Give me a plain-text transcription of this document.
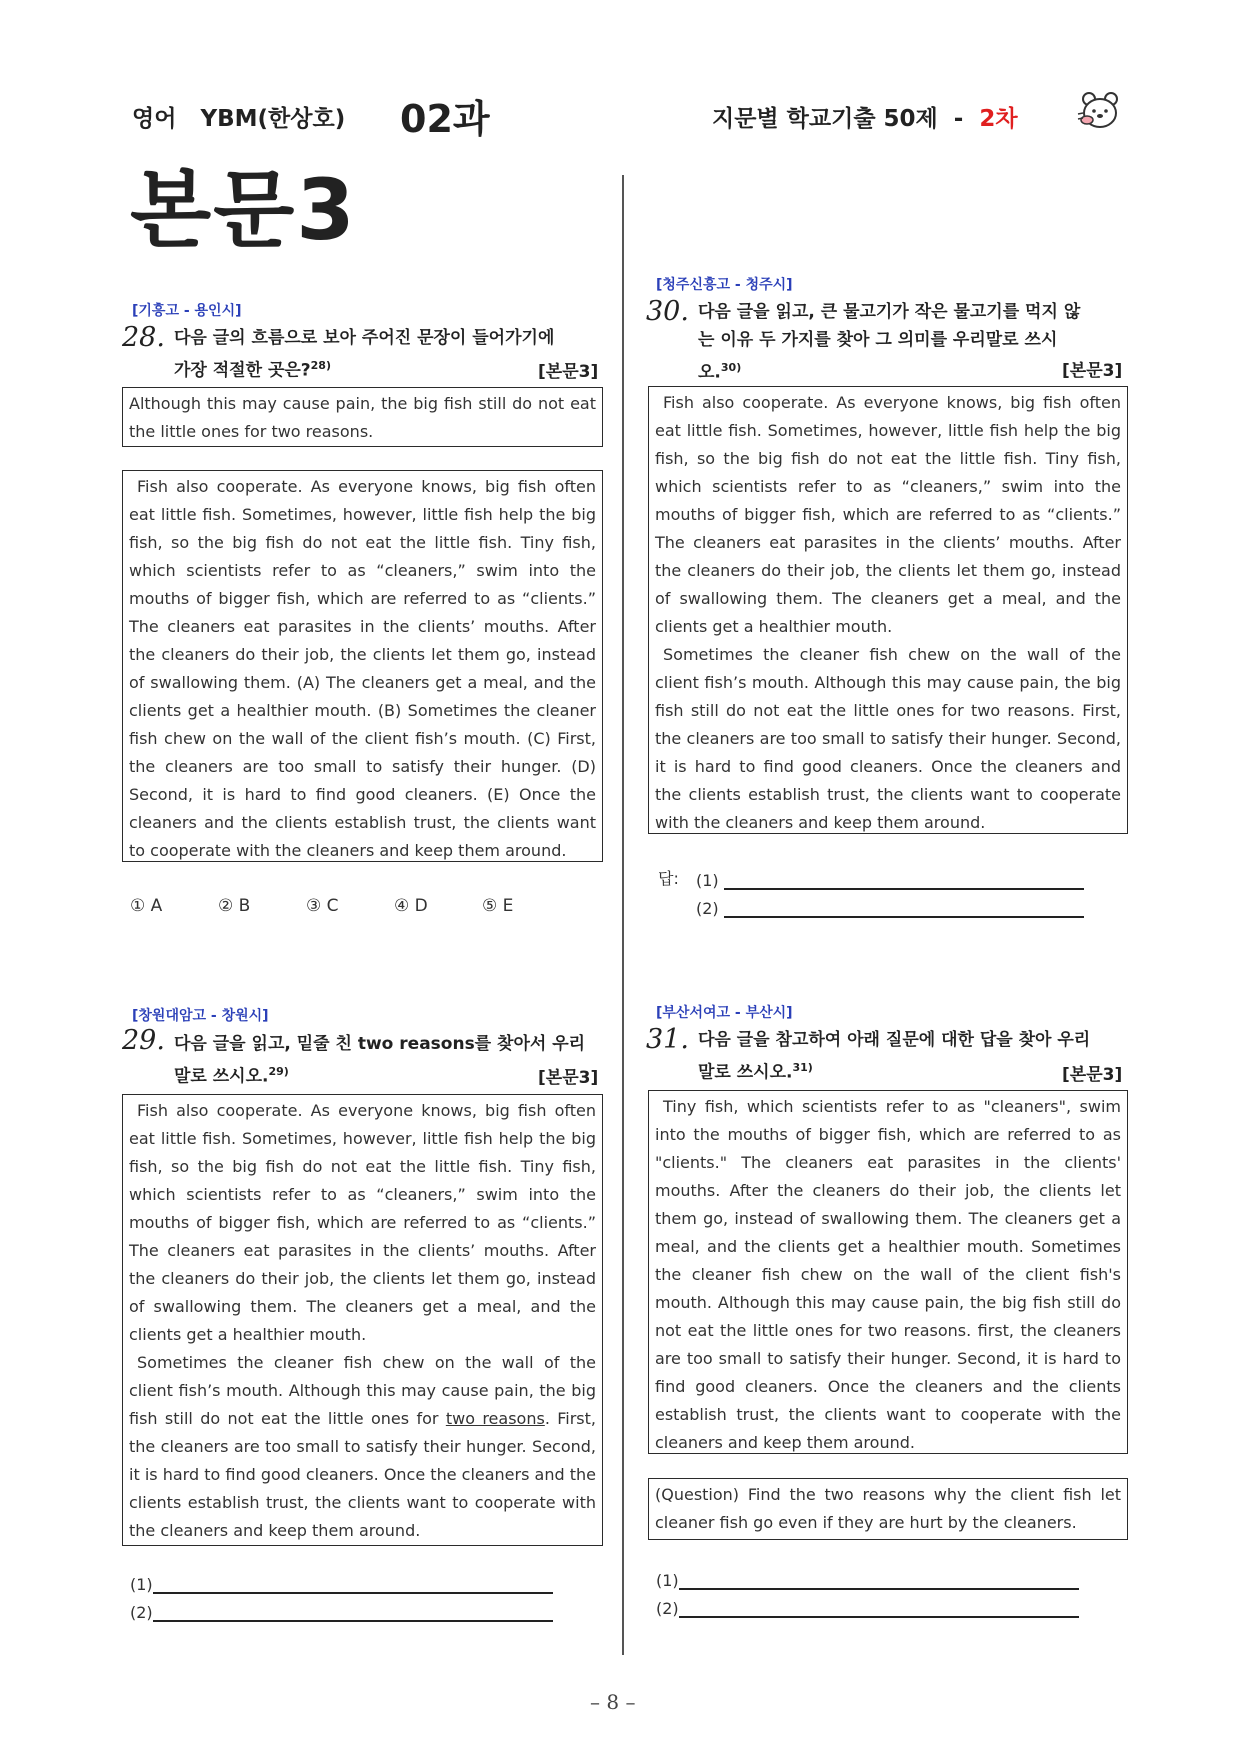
영어   YBM(한상호) 02과	지문별 학교기출 50제  -  2차
본문3
[기흥고 - 용인시]
28. 다음 글의 흐름으로 보아 주어진 문장이 들어가기에
가장 적절한 곳은?$^{28)}$	[본문3]

Although this may cause pain, the big fish still do not eat the little ones for two reasons.

Fish also cooperate. As everyone knows, big fish often eat little fish. Sometimes, however, little fish help the big fish, so the big fish do not eat the little fish. Tiny fish, which scientists refer to as “cleaners,” swim into the mouths of bigger fish, which are referred to as “clients.” The cleaners eat parasites in the clients’ mouths. After the cleaners do their job, the clients let them go, instead of swallowing them. (A) The cleaners get a meal, and the clients get a healthier mouth. (B) Sometimes the cleaner fish chew on the wall of the client fish’s mouth. (C) First, the cleaners are too small to satisfy their hunger. (D) Second, it is hard to find good cleaners. (E) Once the cleaners and the clients establish trust, the clients want to cooperate with the cleaners and keep them around.

① A	② B	③ C	④ D	⑤ E
[창원대암고 - 창원시]
29. 다음 글을 읽고, 밑줄 친 two reasons를 찾아서 우리
말로 쓰시오.$^{29)}$	[본문3]

Fish also cooperate. As everyone knows, big fish often eat little fish. Sometimes, however, little fish help the big fish, so the big fish do not eat the little fish. Tiny fish, which scientists refer to as “cleaners,” swim into the mouths of bigger fish, which are referred to as “clients.” The cleaners eat parasites in the clients’ mouths. After the cleaners do their job, the clients let them go, instead of swallowing them. The cleaners get a meal, and the clients get a healthier mouth.

Sometimes the cleaner fish chew on the wall of the client fish’s mouth. Although this may cause pain, the big fish still do not eat the little ones for two reasons. First, the cleaners are too small to satisfy their hunger. Second, it is hard to find good cleaners. Once the cleaners and the clients establish trust, the clients want to cooperate with the cleaners and keep them around.

(1)
(2)
[청주신흥고 - 청주시]
30. 다음 글을 읽고, 큰 물고기가 작은 물고기를 먹지 않
는 이유 두 가지를 찾아 그 의미를 우리말로 쓰시
오.$^{30)}$	[본문3]

Fish also cooperate. As everyone knows, big fish often eat little fish. Sometimes, however, little fish help the big fish, so the big fish do not eat the little fish. Tiny fish, which scientists refer to as “cleaners,” swim into the mouths of bigger fish, which are referred to as “clients.” The cleaners eat parasites in the clients’ mouths. After the cleaners do their job, the clients let them go, instead of swallowing them. The cleaners get a meal, and the clients get a healthier mouth.

Sometimes the cleaner fish chew on the wall of the client fish’s mouth. Although this may cause pain, the big fish still do not eat the little ones for two reasons. First, the cleaners are too small to satisfy their hunger. Second, it is hard to find good cleaners. Once the cleaners and the clients establish trust, the clients want to cooperate with the cleaners and keep them around.

답: (1)
(2)
[부산서여고 - 부산시]
31. 다음 글을 참고하여 아래 질문에 대한 답을 찾아 우리
말로 쓰시오.$^{31)}$	[본문3]

Tiny fish, which scientists refer to as "cleaners", swim into the mouths of bigger fish, which are referred to as "clients." The cleaners eat parasites in the clients' mouths. After the cleaners do their job, the clients let them go, instead of swallowing them. The cleaners get a meal, and the clients get a healthier mouth. Sometimes the cleaner fish chew on the wall of the client fish's mouth. Although this may cause pain, the big fish still do not eat the little ones for two reasons. first, the cleaners are too small to satisfy their hunger. Second, it is hard to find good cleaners. Once the cleaners and the clients establish trust, the clients want to cooperate with the cleaners and keep them around.

(Question) Find the two reasons why the client fish let cleaner fish go even if they are hurt by the cleaners.

(1)
(2)
– 8 –
